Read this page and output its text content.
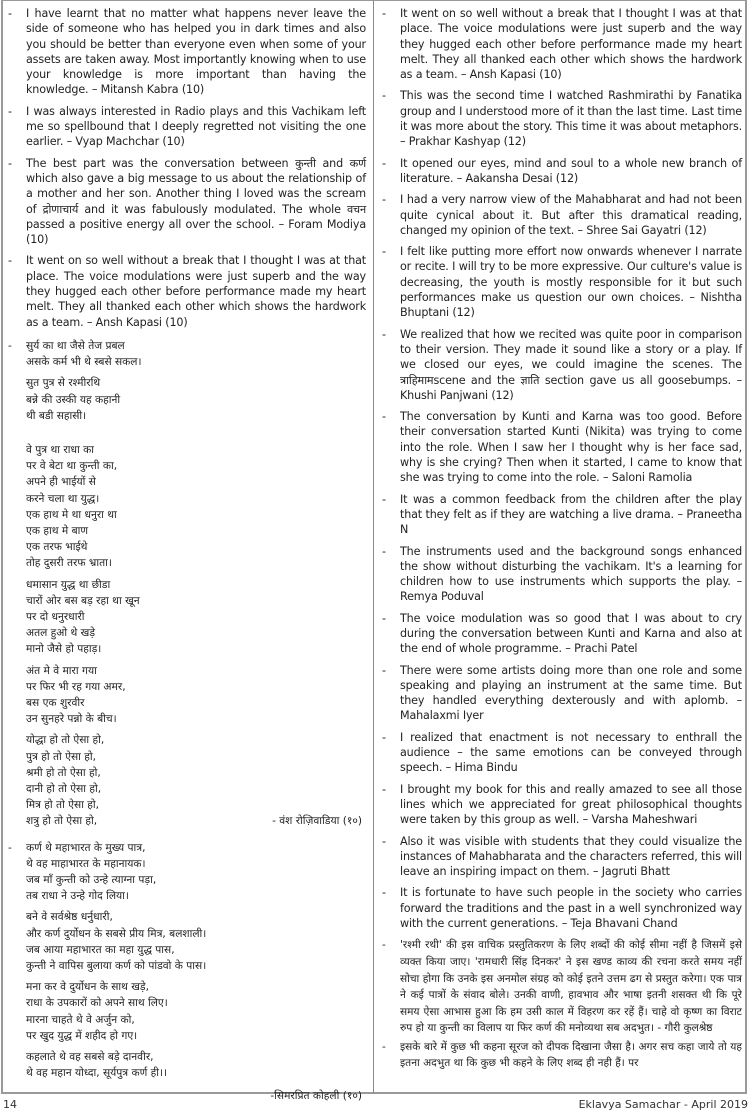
- I have learnt that no matter what happens never leave the side of someone who has helped you in dark times and also you should be better than everyone even when some of your assets are taken away. Most importantly knowing when to use your knowledge is more important than having the knowledge. – Mitansh Kabra (10)
- I was always interested in Radio plays and this Vachikam left me so spellbound that I deeply regretted not visiting the one earlier. – Vyap Machchar (10)
- The best part was the conversation between कुन्ती and कर्ण which also gave a big message to us about the relationship of a mother and her son. Another thing I loved was the scream of द्रोणाचार्य and it was fabulously modulated. The whole वचन passed a positive energy all over the school. – Foram Modiya (10)
- It went on so well without a break that I thought I was at that place. The voice modulations were just superb and the way they hugged each other before performance made my heart melt. They all thanked each other which shows the hardwork as a team. – Ansh Kapasi (10)
- सुर्य का था जैसे तेज प्रबल
असके कर्म भी थे स्बसे सकल।
सुत पुत्र से रश्मीरथि
बन्ने की उस्की यह कहानी
थी बडी सहासी।
वे पुत्र था राधा का
पर वे बेटा था कुन्ती का,
अपने ही भाईयों से
करने चला था युद्ध।
एक हाथ मे था धनुरा था
एक हाथ मे बाण
एक तरफ भाईथे
तोह दुसरी तरफ भ्राता।
धमासान युद्ध था छीडा
चारों ओर बस बड़ रहा था खून
पर दो धनुरधारी
अतल हुओ थे खड़े
मानो जैसे हो पहाड़।
अंत मे वे मारा गया
पर फिर भी रह गया अमर,
बस एक शुरवीर
उन सुनहरे पन्नो के बीच।
योद्धा हो तो ऐसा हो,
पुत्र हो तो ऐसा हो,
श्रमी हो तो ऐसा हो,
दानी हो तो ऐसा हो,
मित्र हो तो ऐसा हो,
शत्रु हो तो ऐसा हो,	- वंश रोज़िवाडिया (१०)
- कर्ण थे महाभारत के मुख्य पात्र,
थे वह माहाभारत के महानायक।
जब माँ कुन्ती को उन्हे त्याग्ना पड़ा,
तब राधा ने उन्हे गोद लिया।
बने वे सर्वश्रेष्ठ धर्नुधारी,
और कर्ण दुर्योधन के सबसे प्रीय मित्र, बलशाली।
जब आया महाभारत का महा युद्ध पास,
कुन्ती ने वापिस बुलाया कर्ण को पांडवो के पास।
मना कर वे दुर्योधन के साथ खड़े,
राधा के उपकारों को अपने साथ लिए।
मारना चाहते थे वे अर्जुन को,
पर खुद युद्ध में शहीद हो गए।
कहलाते थे वह सबसे बड़े दानवीर,
थे वह महान योध्दा, सूर्यपुत्र कर्ण ही।।
-सिमरप्रित कोहली (१०)
- It went on so well without a break that I thought I was at that place. The voice modulations were just superb and the way they hugged each other before performance made my heart melt. They all thanked each other which shows the hardwork as a team. – Ansh Kapasi (10)
- This was the second time I watched Rashmirathi by Fanatika group and I understood more of it than the last time. Last time it was more about the story. This time it was about metaphors. – Prakhar Kashyap (12)
- It opened our eyes, mind and soul to a whole new branch of literature. – Aakansha Desai (12)
- I had a very narrow view of the Mahabharat and had not been quite cynical about it. But after this dramatical reading, changed my opinion of the text. – Shree Sai Gayatri (12)
- I felt like putting more effort now onwards whenever I narrate or recite. I will try to be more expressive. Our culture's value is decreasing, the youth is mostly responsible for it but such performances make us question our own choices. – Nishtha Bhuptani (12)
- We realized that how we recited was quite poor in comparison to their version. They made it sound like a story or a play. If we closed our eyes, we could imagine the scenes. The त्राहिमामscene and the ज्ञाति section gave us all goosebumps. – Khushi Panjwani (12)
- The conversation by Kunti and Karna was too good. Before their conversation started Kunti (Nikita) was trying to come into the role. When I saw her I thought why is her face sad, why is she crying? Then when it started, I came to know that she was trying to come into the role. – Saloni Ramolia
- It was a common feedback from the children after the play that they felt as if they are watching a live drama. – Praneetha N
- The instruments used and the background songs enhanced the show without disturbing the vachikam. It's a learning for children how to use instruments which supports the play. – Remya Poduval
- The voice modulation was so good that I was about to cry during the conversation between Kunti and Karna and also at the end of whole programme. – Prachi Patel
- There were some artists doing more than one role and some speaking and playing an instrument at the same time. But they handled everything dexterously and with aplomb. – Mahalaxmi Iyer
- I realized that enactment is not necessary to enthrall the audience – the same emotions can be conveyed through speech. – Hima Bindu
- I brought my book for this and really amazed to see all those lines which we appreciated for great philosophical thoughts were taken by this group as well. – Varsha Maheshwari
- Also it was visible with students that they could visualize the instances of Mahabharata and the characters referred, this will leave an inspiring impact on them. – Jagruti Bhatt
- It is fortunate to have such people in the society who carries forward the traditions and the past in a well synchronized way with the current generations. – Teja Bhavani Chand
- 'रश्मी रथी' की इस वाचिक प्रस्तुतिकरण के लिए शब्दों की कोई सीमा नहीं है जिसमें इसे व्यक्त किया जाए। 'रामधारी सिंह दिनकर' ने इस खण्ड काव्य की रचना करते समय नहीं सोचा होगा कि उनके इस अनमोल संग्रह को कोई इतने उत्तम ढग से प्रस्तुत करेगा। एक पात्र ने कई पात्रों के संवाद बोले। उनकी वाणी, हावभाव और भाषा इतनी शसक्त थी कि पूरे समय ऐसा आभास हुआ कि हम उसी काल में विहरण कर रहें हैं। चाहे वो कृष्ण का विराट रुप हो या कुन्ती का विलाप या फिर कर्ण की मनोव्यथा सब अदभुत। - गौरी कुलश्रेष्ठ
- इसके बारे में कुछ भी कहना सूरज को दीपक दिखाना जैसा है। अगर सच कहा जाये तो यह इतना अदभुत था कि कुछ भी कहने के लिए शब्द ही नही हैं। पर
14	Eklavya Samachar - April 2019
